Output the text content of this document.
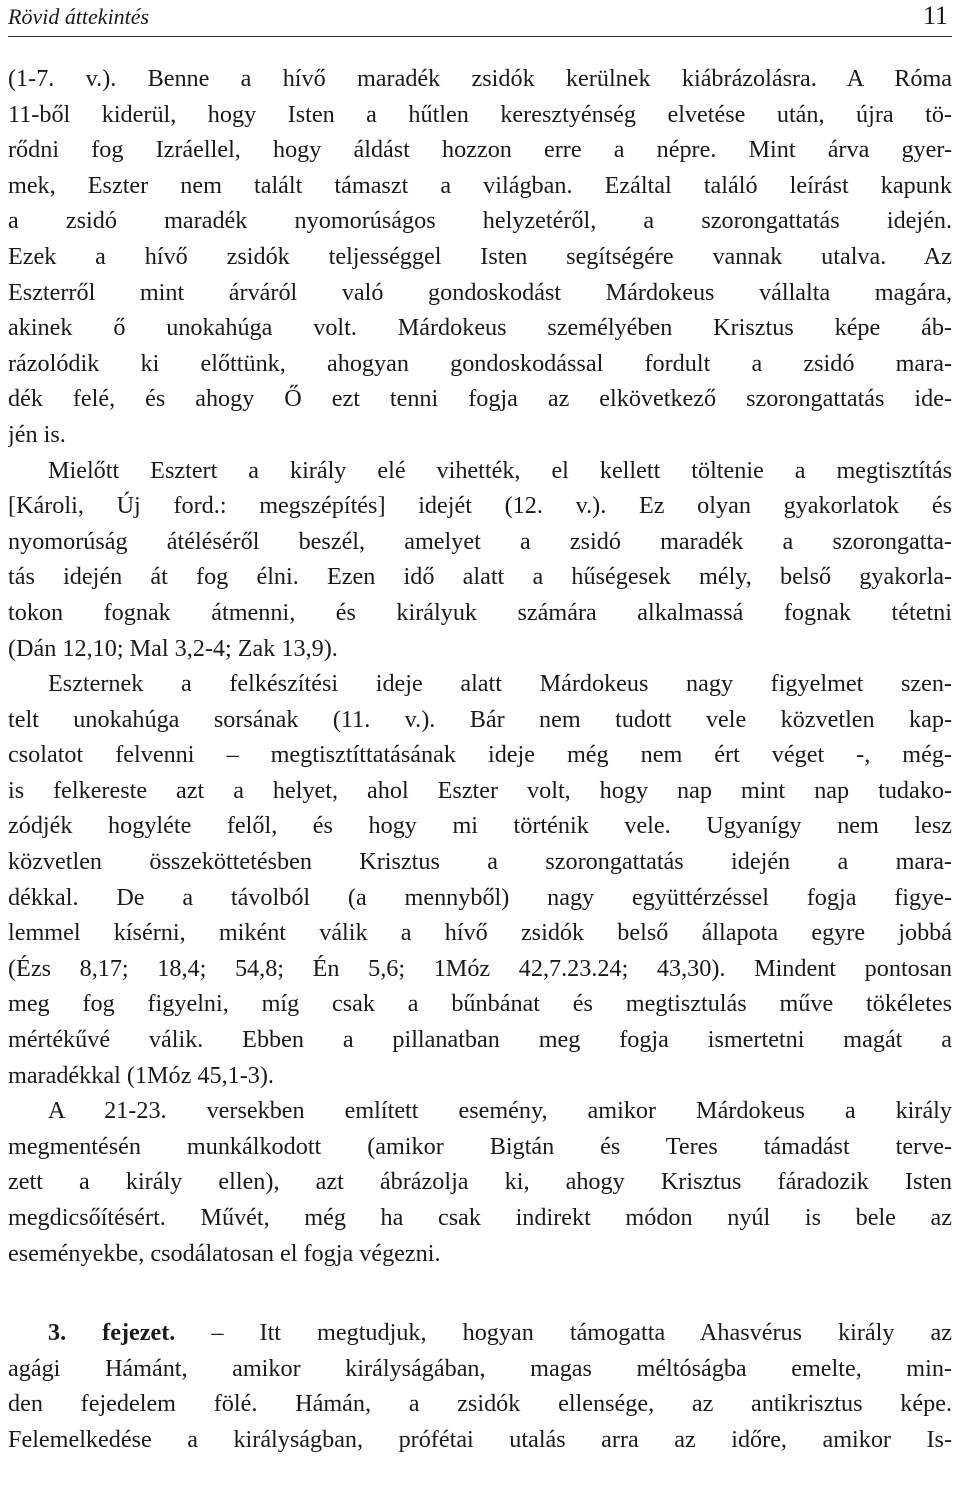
Rövid áttekintés	11
(1-7. v.). Benne a hívő maradék zsidók kerülnek kiábrázolásra. A Róma
11-ből kiderül, hogy Isten a hűtlen keresztyénség elvetése után, újra tö-
rődni fog Izráellel, hogy áldást hozzon erre a népre. Mint árva gyer-
mek, Eszter nem talált támaszt a világban. Ezáltal találó leírást kapunk
a zsidó maradék nyomorúságos helyzetéről, a szorongattatás idején.
Ezek a hívő zsidók teljességgel Isten segítségére vannak utalva. Az
Eszterről mint árváról való gondoskodást Márdokeus vállalta magára,
akinek ő unokahúga volt. Márdokeus személyében Krisztus képe áb-
rázolódik ki előttünk, ahogyan gondoskodással fordult a zsidó mara-
dék felé, és ahogy Ő ezt tenni fogja az elkövetkező szorongattatás ide-
jén is.
Mielőtt Esztert a király elé vihették, el kellett töltenie a megtisztítás
[Károli, Új ford.: megszépítés] idejét (12. v.). Ez olyan gyakorlatok és
nyomorúság átéléséről beszél, amelyet a zsidó maradék a szorongatta-
tás idején át fog élni. Ezen idő alatt a hűségesek mély, belső gyakorla-
tokon fognak átmenni, és királyuk számára alkalmassá fognak tétetni
(Dán 12,10; Mal 3,2-4; Zak 13,9).
Eszternek a felkészítési ideje alatt Márdokeus nagy figyelmet szen-
telt unokahúga sorsának (11. v.). Bár nem tudott vele közvetlen kap-
csolatot felvenni – megtisztíttatásának ideje még nem ért véget -, még-
is felkereste azt a helyet, ahol Eszter volt, hogy nap mint nap tudako-
zódjék hogyléte felől, és hogy mi történik vele. Ugyanígy nem lesz
közvetlen összeköttetésben Krisztus a szorongattatás idején a mara-
dékkal. De a távolból (a mennyből) nagy együttérzéssel fogja figye-
lemmel kísérni, miként válik a hívő zsidók belső állapota egyre jobbá
(Ézs 8,17; 18,4; 54,8; Én 5,6; 1Móz 42,7.23.24; 43,30). Mindent pontosan
meg fog figyelni, míg csak a bűnbánat és megtisztulás műve tökéletes
mértékűvé válik. Ebben a pillanatban meg fogja ismertetni magát a
maradékkal (1Móz 45,1-3).
A 21-23. versekben említett esemény, amikor Márdokeus a király
megmentésén munkálkodott (amikor Bigtán és Teres támadást terve-
zett a király ellen), azt ábrázolja ki, ahogy Krisztus fáradozik Isten
megdicsőítésért. Művét, még ha csak indirekt módon nyúl is bele az
eseményekbe, csodálatosan el fogja végezni.
3. fejezet. – Itt megtudjuk, hogyan támogatta Ahasvérus király az
agági Hámánt, amikor királyságában, magas méltóságba emelte, min-
den fejedelem fölé. Hámán, a zsidók ellensége, az antikrisztus képe.
Felemelkedése a királyságban, prófétai utalás arra az időre, amikor Is-
